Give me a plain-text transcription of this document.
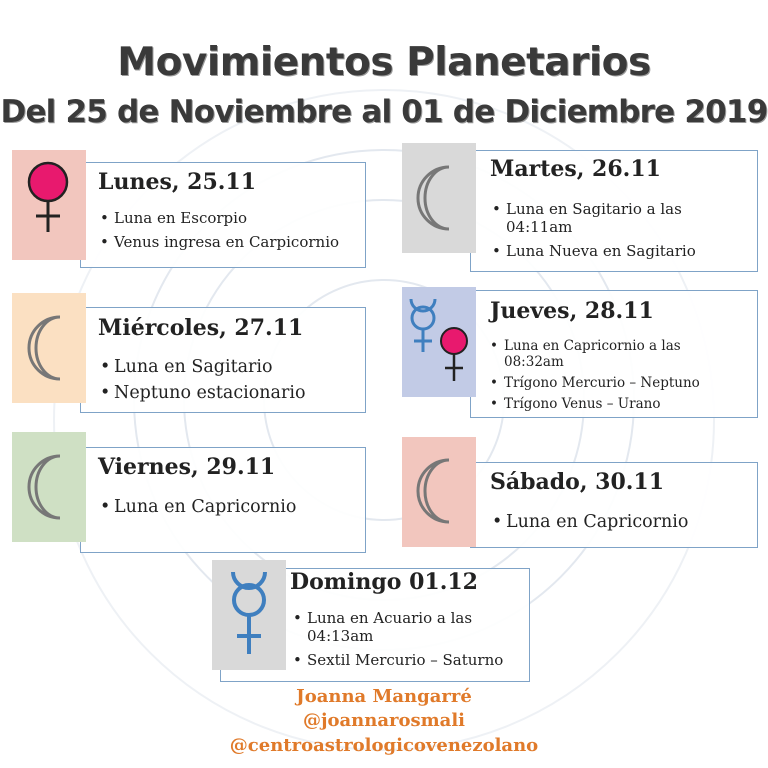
Movimientos Planetarios
Del 25 de Noviembre al 01 de Diciembre 2019
Lunes, 25.11
• Luna en Escorpio
• Venus ingresa en Carpicornio
Martes, 26.11
• Luna en Sagitario a las 04:11am
• Luna Nueva en Sagitario
Miércoles, 27.11
• Luna en Sagitario
• Neptuno estacionario
Jueves, 28.11
• Luna en Capricornio a las 08:32am
• Trígono Mercurio – Neptuno
• Trígono Venus – Urano
Viernes, 29.11
• Luna en Capricornio
Sábado, 30.11
• Luna en Capricornio
Domingo 01.12
• Luna en Acuario a las 04:13am
• Sextil Mercurio – Saturno
Joanna Mangarré
@joannarosmali
@centroastrologicovenezolano
